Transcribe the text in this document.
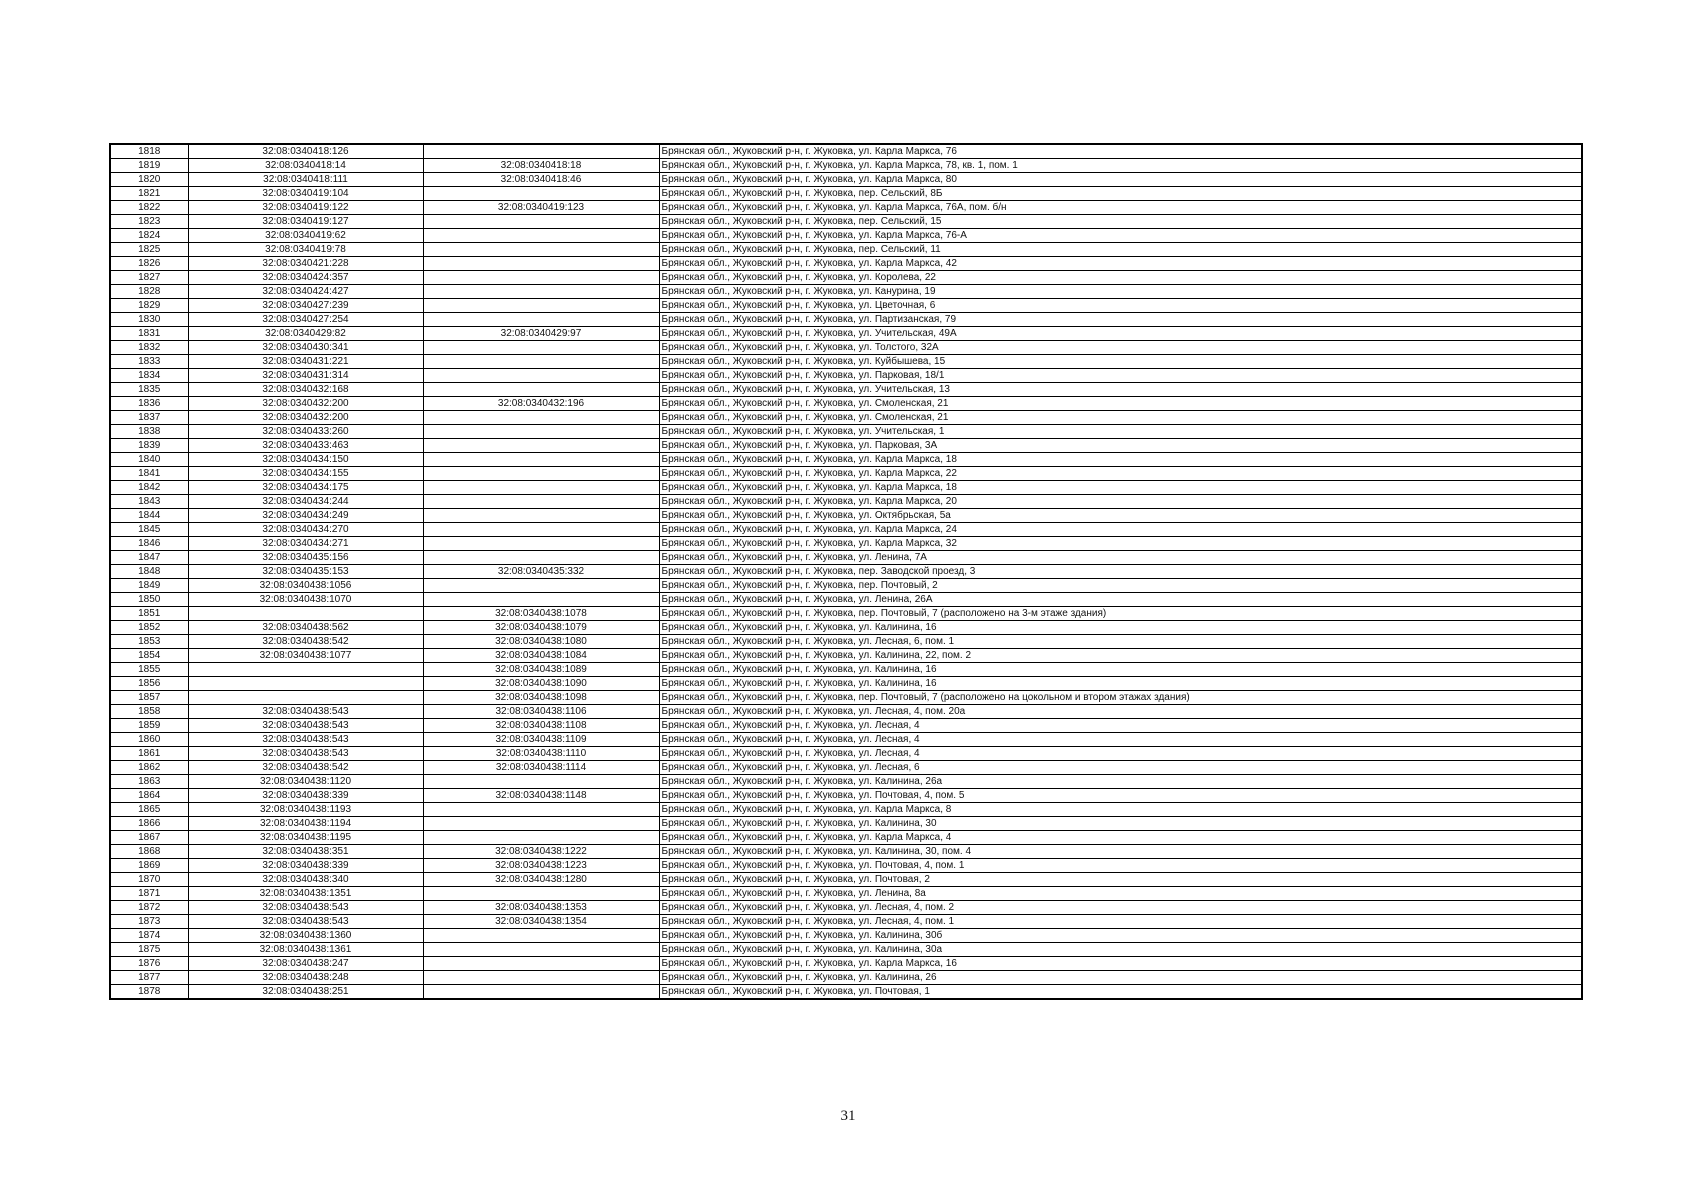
1818	32:08:0340418:126		Брянская обл., Жуковский р-н, г. Жуковка, ул. Карла Маркса, 76
1819	32:08:0340418:14	32:08:0340418:18	Брянская обл., Жуковский р-н, г. Жуковка, ул. Карла Маркса, 78, кв. 1, пом. 1
1820	32:08:0340418:111	32:08:0340418:46	Брянская обл., Жуковский р-н, г. Жуковка, ул. Карла Маркса, 80
1821	32:08:0340419:104		Брянская обл., Жуковский р-н, г. Жуковка, пер. Сельский, 8Б
1822	32:08:0340419:122	32:08:0340419:123	Брянская обл., Жуковский р-н, г. Жуковка, ул. Карла Маркса, 76А, пом. б/н
1823	32:08:0340419:127		Брянская обл., Жуковский р-н, г. Жуковка, пер. Сельский, 15
1824	32:08:0340419:62		Брянская обл., Жуковский р-н, г. Жуковка, ул. Карла Маркса, 76-А
1825	32:08:0340419:78		Брянская обл., Жуковский р-н, г. Жуковка, пер. Сельский, 11
1826	32:08:0340421:228		Брянская обл., Жуковский р-н, г. Жуковка, ул. Карла Маркса, 42
1827	32:08:0340424:357		Брянская обл., Жуковский р-н, г. Жуковка, ул. Королева, 22
1828	32:08:0340424:427		Брянская обл., Жуковский р-н, г. Жуковка, ул. Канурина, 19
1829	32:08:0340427:239		Брянская обл., Жуковский р-н, г. Жуковка, ул. Цветочная, 6
1830	32:08:0340427:254		Брянская обл., Жуковский р-н, г. Жуковка, ул. Партизанская, 79
1831	32:08:0340429:82	32:08:0340429:97	Брянская обл., Жуковский р-н, г. Жуковка, ул. Учительская, 49А
1832	32:08:0340430:341		Брянская обл., Жуковский р-н, г. Жуковка, ул. Толстого, 32А
1833	32:08:0340431:221		Брянская обл., Жуковский р-н, г. Жуковка, ул. Куйбышева, 15
1834	32:08:0340431:314		Брянская обл., Жуковский р-н, г. Жуковка, ул. Парковая, 18/1
1835	32:08:0340432:168		Брянская обл., Жуковский р-н, г. Жуковка, ул. Учительская, 13
1836	32:08:0340432:200	32:08:0340432:196	Брянская обл., Жуковский р-н, г. Жуковка, ул. Смоленская, 21
1837	32:08:0340432:200		Брянская обл., Жуковский р-н, г. Жуковка, ул. Смоленская, 21
1838	32:08:0340433:260		Брянская обл., Жуковский р-н, г. Жуковка, ул. Учительская, 1
1839	32:08:0340433:463		Брянская обл., Жуковский р-н, г. Жуковка, ул. Парковая, 3А
1840	32:08:0340434:150		Брянская обл., Жуковский р-н, г. Жуковка, ул. Карла Маркса, 18
1841	32:08:0340434:155		Брянская обл., Жуковский р-н, г. Жуковка, ул. Карла Маркса, 22
1842	32:08:0340434:175		Брянская обл., Жуковский р-н, г. Жуковка, ул. Карла Маркса, 18
1843	32:08:0340434:244		Брянская обл., Жуковский р-н, г. Жуковка, ул. Карла Маркса, 20
1844	32:08:0340434:249		Брянская обл., Жуковский р-н, г. Жуковка, ул. Октябрьская, 5а
1845	32:08:0340434:270		Брянская обл., Жуковский р-н, г. Жуковка, ул. Карла Маркса, 24
1846	32:08:0340434:271		Брянская обл., Жуковский р-н, г. Жуковка, ул. Карла Маркса, 32
1847	32:08:0340435:156		Брянская обл., Жуковский р-н, г. Жуковка, ул. Ленина, 7А
1848	32:08:0340435:153	32:08:0340435:332	Брянская обл., Жуковский р-н, г. Жуковка, пер. Заводской проезд, 3
1849	32:08:0340438:1056		Брянская обл., Жуковский р-н, г. Жуковка, пер. Почтовый, 2
1850	32:08:0340438:1070		Брянская обл., Жуковский р-н, г. Жуковка, ул. Ленина, 26А
1851		32:08:0340438:1078	Брянская обл., Жуковский р-н, г. Жуковка, пер. Почтовый, 7 (расположено на 3-м этаже здания)
1852	32:08:0340438:562	32:08:0340438:1079	Брянская обл., Жуковский р-н, г. Жуковка, ул. Калинина, 16
1853	32:08:0340438:542	32:08:0340438:1080	Брянская обл., Жуковский р-н, г. Жуковка, ул. Лесная, 6, пом. 1
1854	32:08:0340438:1077	32:08:0340438:1084	Брянская обл., Жуковский р-н, г. Жуковка, ул. Калинина, 22, пом. 2
1855		32:08:0340438:1089	Брянская обл., Жуковский р-н, г. Жуковка, ул. Калинина, 16
1856		32:08:0340438:1090	Брянская обл., Жуковский р-н, г. Жуковка, ул. Калинина, 16
1857		32:08:0340438:1098	Брянская обл., Жуковский р-н, г. Жуковка, пер. Почтовый, 7 (расположено на цокольном и втором этажах здания)
1858	32:08:0340438:543	32:08:0340438:1106	Брянская обл., Жуковский р-н, г. Жуковка, ул. Лесная, 4, пом. 20а
1859	32:08:0340438:543	32:08:0340438:1108	Брянская обл., Жуковский р-н, г. Жуковка, ул. Лесная, 4
1860	32:08:0340438:543	32:08:0340438:1109	Брянская обл., Жуковский р-н, г. Жуковка, ул. Лесная, 4
1861	32:08:0340438:543	32:08:0340438:1110	Брянская обл., Жуковский р-н, г. Жуковка, ул. Лесная, 4
1862	32:08:0340438:542	32:08:0340438:1114	Брянская обл., Жуковский р-н, г. Жуковка, ул. Лесная, 6
1863	32:08:0340438:1120		Брянская обл., Жуковский р-н, г. Жуковка, ул. Калинина, 26а
1864	32:08:0340438:339	32:08:0340438:1148	Брянская обл., Жуковский р-н, г. Жуковка, ул. Почтовая, 4, пом. 5
1865	32:08:0340438:1193		Брянская обл., Жуковский р-н, г. Жуковка, ул. Карла Маркса, 8
1866	32:08:0340438:1194		Брянская обл., Жуковский р-н, г. Жуковка, ул. Калинина, 30
1867	32:08:0340438:1195		Брянская обл., Жуковский р-н, г. Жуковка, ул. Карла Маркса, 4
1868	32:08:0340438:351	32:08:0340438:1222	Брянская обл., Жуковский р-н, г. Жуковка, ул. Калинина, 30, пом. 4
1869	32:08:0340438:339	32:08:0340438:1223	Брянская обл., Жуковский р-н, г. Жуковка, ул. Почтовая, 4, пом. 1
1870	32:08:0340438:340	32:08:0340438:1280	Брянская обл., Жуковский р-н, г. Жуковка, ул. Почтовая, 2
1871	32:08:0340438:1351		Брянская обл., Жуковский р-н, г. Жуковка, ул. Ленина, 8а
1872	32:08:0340438:543	32:08:0340438:1353	Брянская обл., Жуковский р-н, г. Жуковка, ул. Лесная, 4, пом. 2
1873	32:08:0340438:543	32:08:0340438:1354	Брянская обл., Жуковский р-н, г. Жуковка, ул. Лесная, 4, пом. 1
1874	32:08:0340438:1360		Брянская обл., Жуковский р-н, г. Жуковка, ул. Калинина, 30б
1875	32:08:0340438:1361		Брянская обл., Жуковский р-н, г. Жуковка, ул. Калинина, 30а
1876	32:08:0340438:247		Брянская обл., Жуковский р-н, г. Жуковка, ул. Карла Маркса, 16
1877	32:08:0340438:248		Брянская обл., Жуковский р-н, г. Жуковка, ул. Калинина, 26
1878	32:08:0340438:251		Брянская обл., Жуковский р-н, г. Жуковка, ул. Почтовая, 1
31
